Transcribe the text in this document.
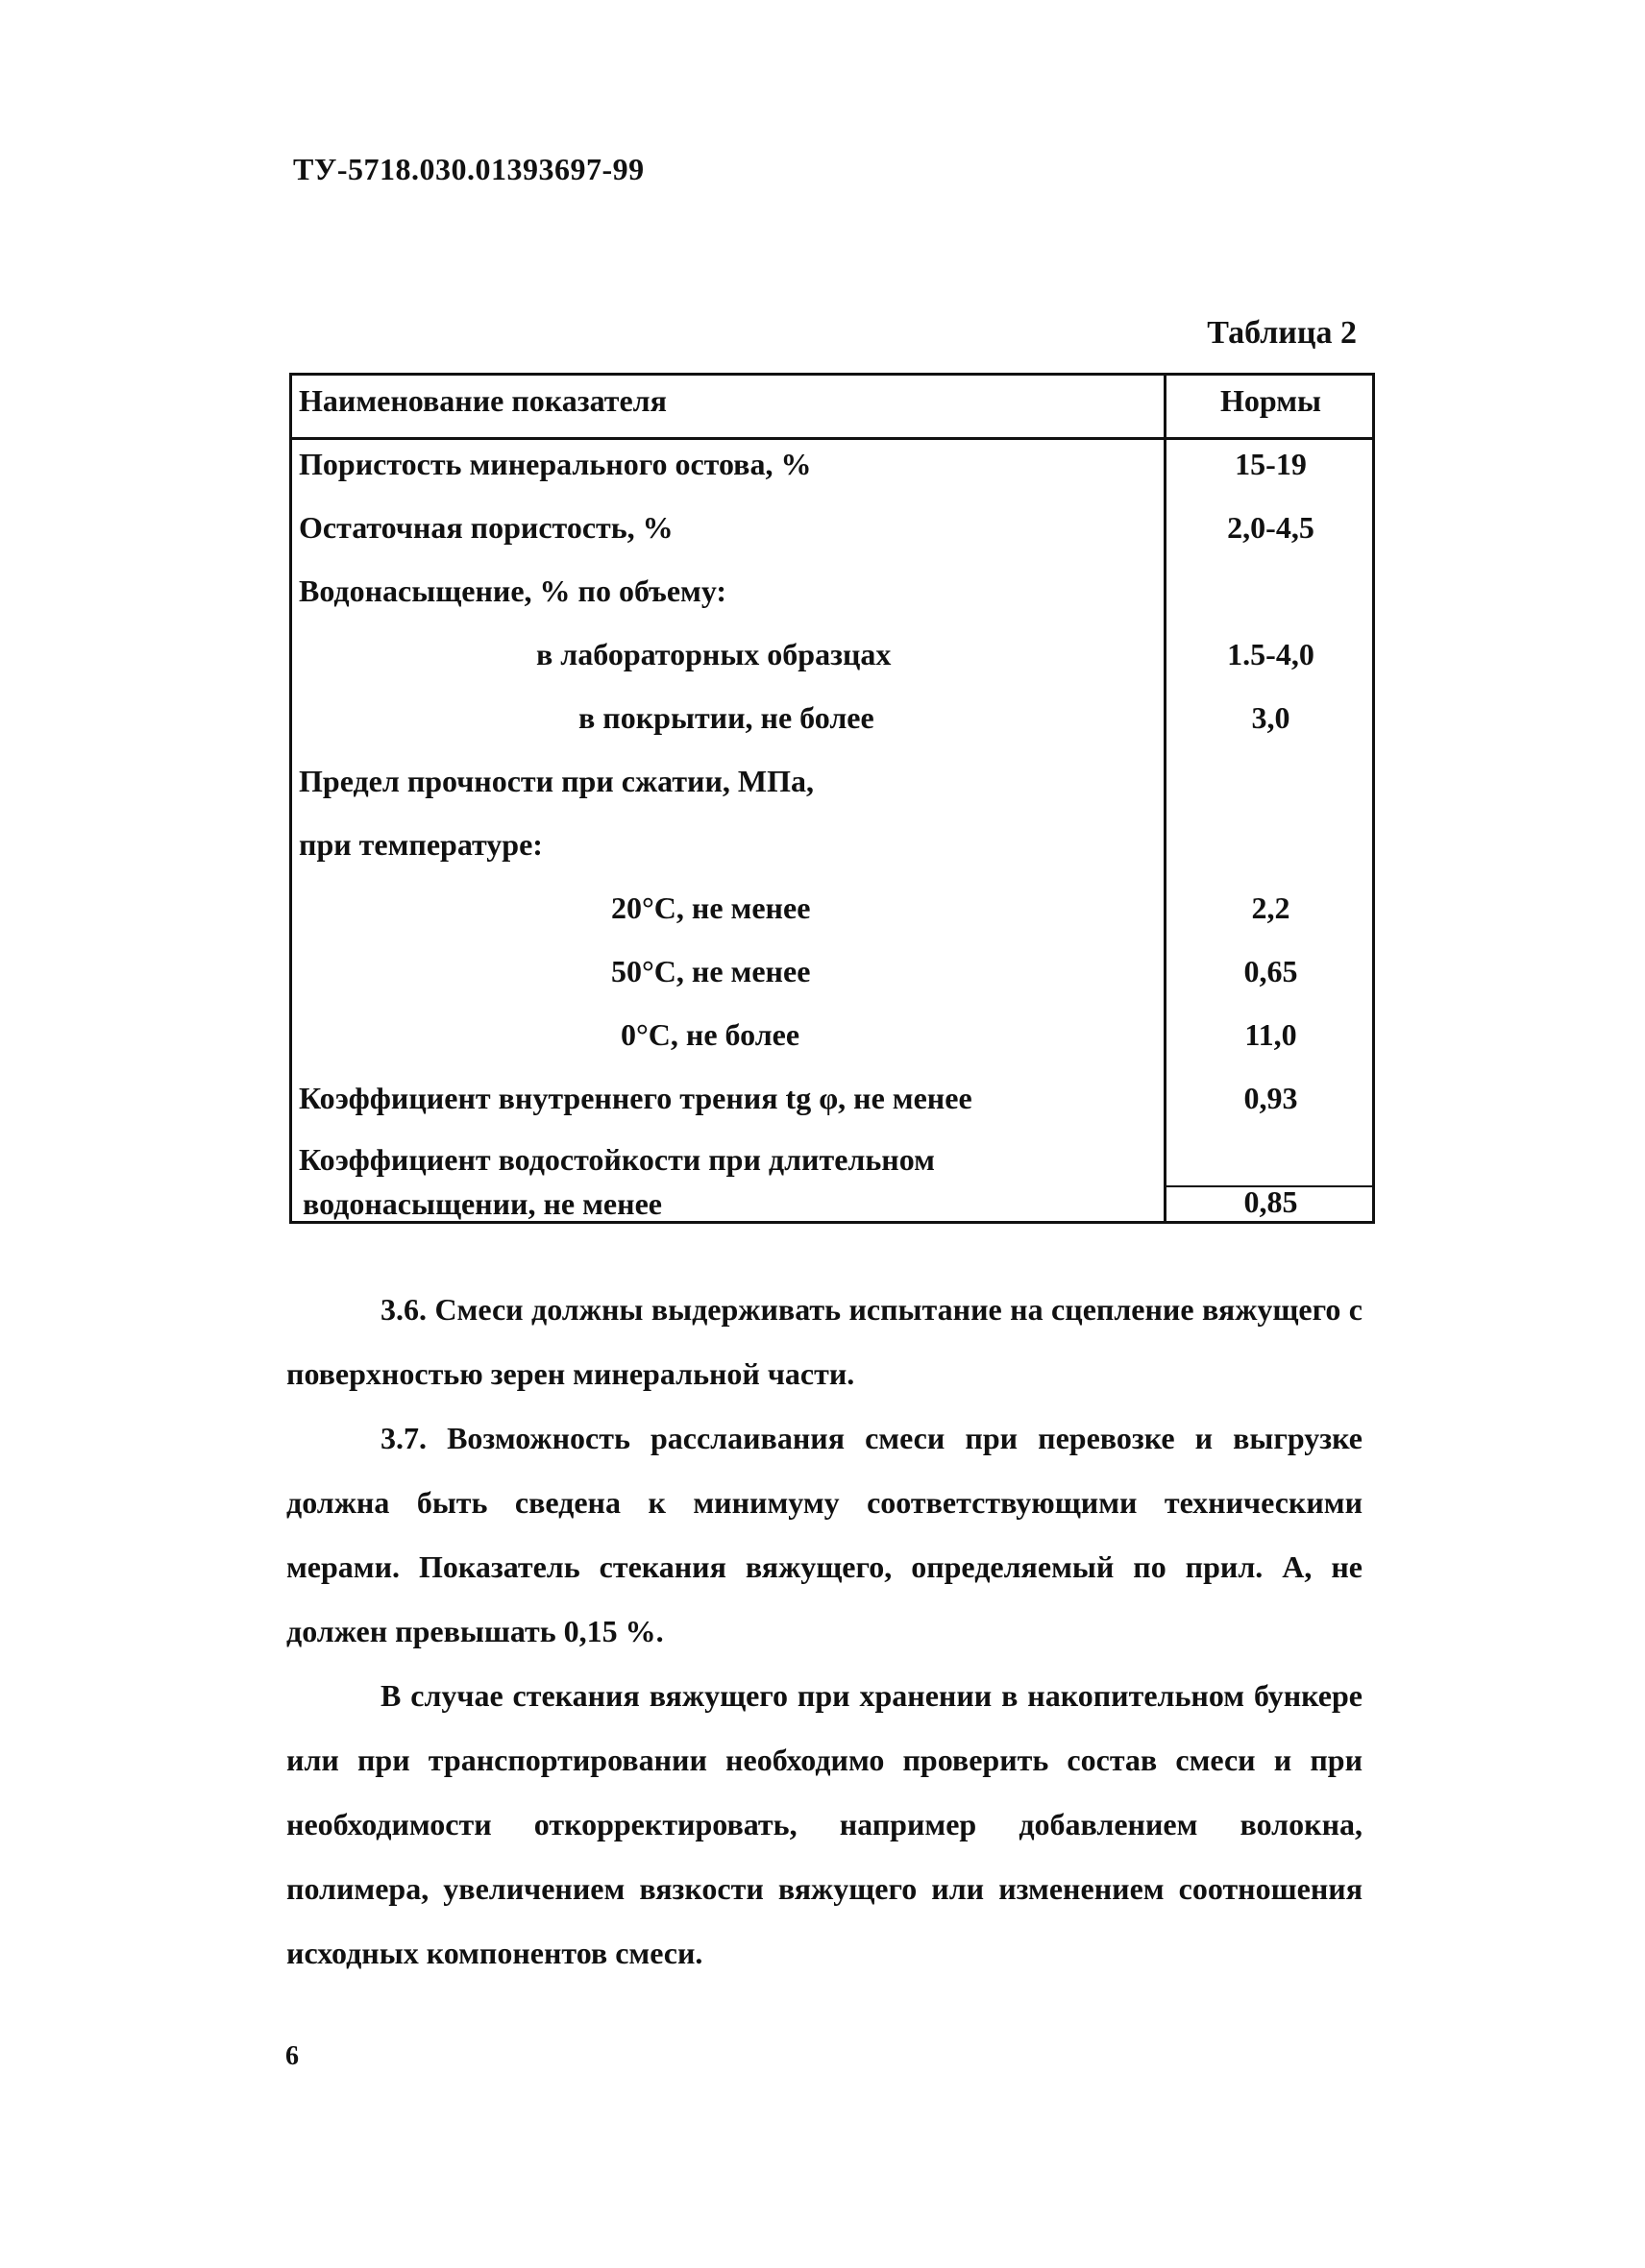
ТУ-5718.030.01393697-99
Таблица 2
Наименование показателя	Нормы
Пористость минерального остова, %	15-19
Остаточная пористость, %	2,0-4,5
Водонасыщение, % по объему:
в лабораторных образцах	1.5-4,0
в покрытии, не более	3,0
Предел прочности при сжатии, МПа,
при температуре:
20°С, не менее	2,2
50°С, не менее	0,65
0°С, не более	11,0
Коэффициент внутреннего трения tg φ, не менее	0,93
Коэффициент водостойкости при длительном
водонасыщении, не менее	0,85
3.6. Смеси должны выдерживать испытание на сцепление вяжущего с поверхностью зерен минеральной части.
3.7. Возможность расслаивания смеси при перевозке и выгрузке должна быть сведена к минимуму соответствующими техническими мерами. Показатель стекания вяжущего, определяемый по прил. А, не должен превышать 0,15 %.
В случае стекания вяжущего при хранении в накопительном бункере или при транспортировании необходимо проверить состав смеси и при необходимости откорректировать, например добавлением волокна, полимера, увеличением вязкости вяжущего или изменением соотношения исходных компонентов смеси.
6
